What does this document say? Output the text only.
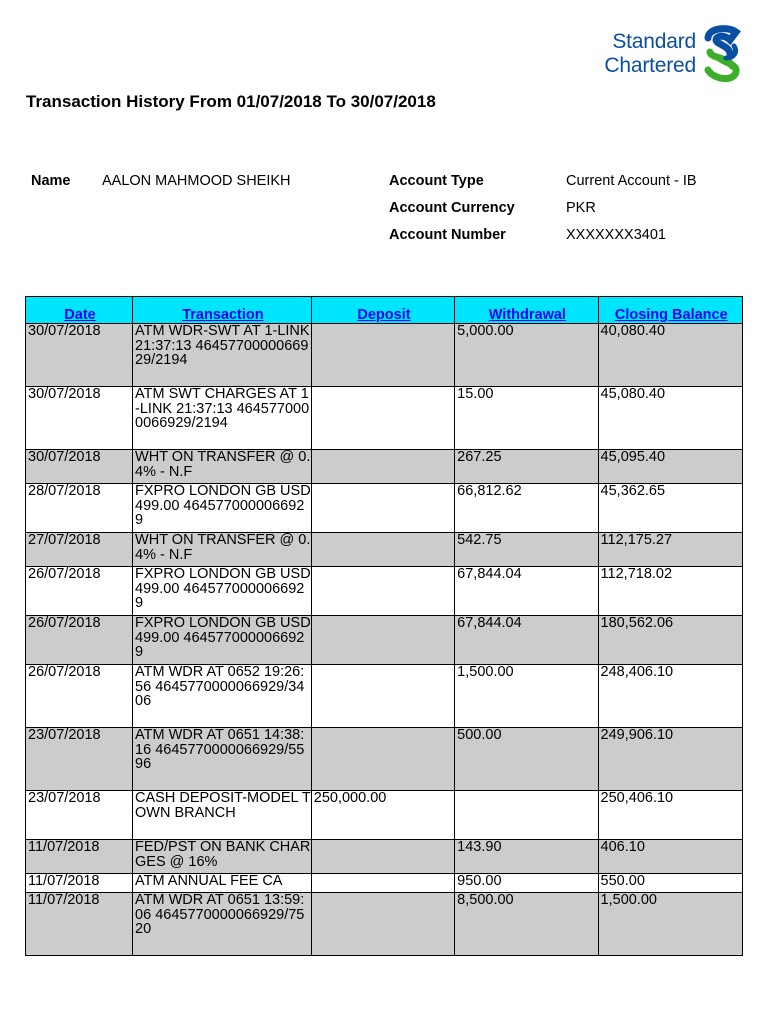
Standard
Chartered
Transaction History From 01/07/2018 To 30/07/2018
Name AALON MAHMOOD SHEIKH	Account Type	Current Account - IB
Account Currency	PKR
Account Number	XXXXXXX3401
Date	Transaction	Deposit	Withdrawal	Closing Balance
30/07/2018	ATM WDR-SWT AT 1-LINK 21:37:13 4645770000066929/2194		5,000.00	40,080.40
30/07/2018	ATM SWT CHARGES AT 1-LINK 21:37:13 4645770000066929/2194		15.00	45,080.40
30/07/2018	WHT ON TRANSFER @ 0.4% - N.F		267.25	45,095.40
28/07/2018	FXPRO LONDON GB USD 499.00 4645770000066929		66,812.62	45,362.65
27/07/2018	WHT ON TRANSFER @ 0.4% - N.F		542.75	112,175.27
26/07/2018	FXPRO LONDON GB USD 499.00 4645770000066929		67,844.04	112,718.02
26/07/2018	FXPRO LONDON GB USD 499.00 4645770000066929		67,844.04	180,562.06
26/07/2018	ATM WDR AT 0652 19:26:56 4645770000066929/3406		1,500.00	248,406.10
23/07/2018	ATM WDR AT 0651 14:38:16 4645770000066929/5596		500.00	249,906.10
23/07/2018	CASH DEPOSIT-MODEL TOWN BRANCH	250,000.00		250,406.10
11/07/2018	FED/PST ON BANK CHARGES @ 16%		143.90	406.10
11/07/2018	ATM ANNUAL FEE CA		950.00	550.00
11/07/2018	ATM WDR AT 0651 13:59:06 4645770000066929/7520		8,500.00	1,500.00
